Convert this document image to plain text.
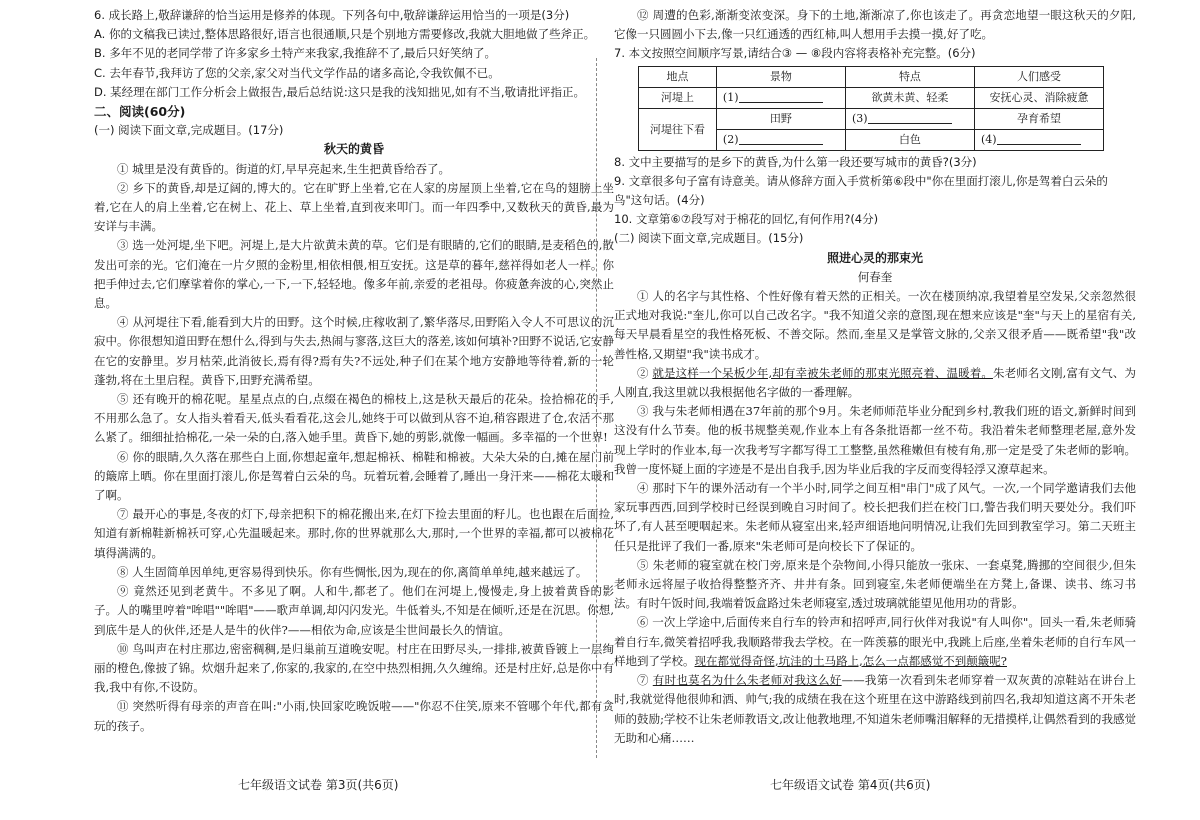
6. 成长路上,敬辞谦辞的恰当运用是修养的体现。下列各句中,敬辞谦辞运用恰当的一项是(3分)

A. 你的文稿我已读过,整体思路很好,语言也很通顺,只是个别地方需要修改,我就大胆地做了些斧正。

B. 多年不见的老同学带了许多家乡土特产来我家,我推辞不了,最后只好笑纳了。

C. 去年春节,我拜访了您的父亲,家父对当代文学作品的诸多高论,令我钦佩不已。

D. 某经理在部门工作分析会上做报告,最后总结说:这只是我的浅知拙见,如有不当,敬请批评指正。

二、阅读(60分)

(一) 阅读下面文章,完成题目。(17分)

秋天的黄昏

① 城里是没有黄昏的。街道的灯,早早亮起来,生生把黄昏给吞了。

② 乡下的黄昏,却是辽阔的,博大的。它在旷野上坐着,它在人家的房屋顶上坐着,它在鸟的翅膀上坐着,它在人的肩上坐着,它在树上、花上、草上坐着,直到夜来叩门。而一年四季中,又数秋天的黄昏,最为安详与丰满。

③ 选一处河堤,坐下吧。河堤上,是大片欲黄未黄的草。它们是有眼睛的,它们的眼睛,是麦稻色的,散发出可亲的光。它们淹在一片夕照的金粉里,相依相偎,相互安抚。这是草的暮年,慈祥得如老人一样。你把手伸过去,它们摩挲着你的掌心,一下,一下,轻轻地。像多年前,亲爱的老祖母。你疲惫奔波的心,突然止息。

④ 从河堤往下看,能看到大片的田野。这个时候,庄稼收割了,繁华落尽,田野陷入令人不可思议的沉寂中。你很想知道田野在想什么,得到与失去,热闹与寥落,这巨大的落差,该如何填补?田野不说话,它安静在它的安静里。岁月枯荣,此消彼长,焉有得?焉有失?不远处,种子们在某个地方安静地等待着,新的一轮蓬勃,将在土里启程。黄昏下,田野充满希望。

⑤ 还有晚开的棉花呢。星星点点的白,点缀在褐色的棉枝上,这是秋天最后的花朵。捡拾棉花的手,不用那么急了。女人指头着看天,低头看看花,这会儿,她终于可以做到从容不迫,稍容跟进了仓,农活不那么紧了。细细扯拾棉花,一朵一朵的白,落入她手里。黄昏下,她的剪影,就像一幅画。多幸福的一个世界!

⑥ 你的眼睛,久久落在那些白上面,你想起童年,想起棉袄、棉鞋和棉被。大朵大朵的白,摊在屋门前的簸席上晒。你在里面打滚儿,你是驾着白云朵的鸟。玩着玩着,会睡着了,睡出一身汗来——棉花太暖和了啊。

⑦ 最开心的事是,冬夜的灯下,母亲把积下的棉花搬出来,在灯下捡去里面的籽儿。也也跟在后面捡,知道有新棉鞋新棉袄可穿,心先温暖起来。那时,你的世界就那么大,那时,一个世界的幸福,都可以被棉花填得满满的。

⑧ 人生固简单因单纯,更容易得到快乐。你有些惆怅,因为,现在的你,离简单单纯,越来越远了。

⑨ 竟然还见到老黄牛。不多见了啊。人和牛,都老了。他们在河堤上,慢慢走,身上披着黄昏的影子。人的嘴里哼着"哞唱""哞唱"——歌声单调,却闪闪发光。牛低着头,不知是在倾听,还是在沉思。你想,到底牛是人的伙伴,还是人是牛的伙伴?——相依为命,应该是尘世间最长久的情谊。

⑩ 鸟叫声在村庄那边,密密稠稠,是归巢前互道晚安呢。村庄在田野尽头,一排排,被黄昏镀上一层绚丽的橙色,像披了锦。炊烟升起来了,你家的,我家的,在空中热烈相拥,久久缠绵。还是村庄好,总是你中有我,我中有你,不设防。

⑪ 突然听得有母亲的声音在叫:"小雨,快回家吃晚饭啦——"你忍不住笑,原来不管哪个年代,都有贪玩的孩子。

⑫ 周遭的色彩,渐渐变浓变深。身下的土地,渐渐凉了,你也该走了。再贪恋地望一眼这秋天的夕阳,它像一只圆圆小下去,像一只红通透的西红柿,叫人想用手去摸一摸,好了吃。

7. 本文按照空间顺序写景,请结合③ — ⑧段内容将表格补充完整。(6分)

地点	景物	特点	人们感受
河堤上	(1)	欲黄未黄、轻柔	安抚心灵、消除疲惫
河堤往下看	田野	(3)	孕育希望
	(2)	白色	(4)

8. 文中主要描写的是乡下的黄昏,为什么第一段还要写城市的黄昏?(3分)

9. 文章很多句子富有诗意美。请从修辞方面入手赏析第⑥段中"你在里面打滚儿,你是驾着白云朵的鸟"这句话。(4分)

10. 文章第⑥⑦段写对于棉花的回忆,有何作用?(4分)

(二) 阅读下面文章,完成题目。(15分)

照进心灵的那束光

何春奎

① 人的名字与其性格、个性好像有着天然的正相关。一次在楼顶纳凉,我望着星空发呆,父亲忽然很正式地对我说:"奎儿,你可以自己改名字。"我不知道父亲的意图,现在想来应该是"奎"与天上的星宿有关,每天早晨看星空的我性格死板、不善交际。然而,奎星又是掌管文脉的,父亲又很矛盾——既希望"我"改善性格,又期望"我"读书成才。

② 就是这样一个呆板少年,却有幸被朱老师的那束光照亮着、温暖着。朱老师名文刚,富有文气、为人刚直,我这里就以我根据他名字做的一番理解。

③ 我与朱老师相遇在37年前的那个9月。朱老师师范毕业分配到乡村,教我们班的语文,新鲜时间到这没有什么节奏。他的板书规整美观,作业本上有各条批语都一丝不苟。我沿着朱老师整理老屋,意外发现上学时的作业本,每一次我考写字都写得工工整整,虽然稚嫩但有棱有角,那一定是受了朱老师的影响。我曾一度怀疑上面的字迹是不是出自我手,因为毕业后我的字反而变得轻浮又潦草起来。

④ 那时下午的课外活动有一个半小时,同学之间互相"串门"成了风气。一次,一个同学邀请我们去他家玩事西西,回到学校时已经误到晚自习时间了。校长把我们拦在校门口,警告我们明天要处分。我们吓坏了,有人甚至哽咽起来。朱老师从寝室出来,轻声细语地问明情况,让我们先回到教室学习。第二天班主任只是批评了我们一番,原来"朱老师可是向校长下了保证的。

⑤ 朱老师的寝室就在校门旁,原来是个杂物间,小得只能放一张床、一套桌凳,腾挪的空间很少,但朱老师永远将屋子收拾得整整齐齐、井井有条。回到寝室,朱老师便端坐在方凳上,备课、读书、练习书法。有时午饭时间,我端着饭盒路过朱老师寝室,透过玻璃就能望见他用功的背影。

⑥ 一次上学途中,后面传来自行车的铃声和招呼声,同行伙伴对我说"有人叫你"。回头一看,朱老师骑着自行车,微笑着招呼我,我顺路带我去学校。在一阵羡慕的眼光中,我跳上后座,坐着朱老师的自行车风一样地到了学校。现在都觉得奇怪,坑洼的土马路上,怎么一点都感觉不到颠簸呢?

⑦ 有时也莫名为什么朱老师对我这么好——我第一次看到朱老师穿着一双灰黄的凉鞋站在讲台上时,我就觉得他很帅和洒、帅气;我的成绩在我在这个班里在这中游路线到前四名,我却知道这离不开朱老师的鼓励;学校不让朱老师教语文,改让他教地理,不知道朱老师嘴泪解释的无措摸样,让偶然看到的我感觉无助和心痛……

七年级语文试卷 第3页(共6页)	七年级语文试卷 第4页(共6页)
